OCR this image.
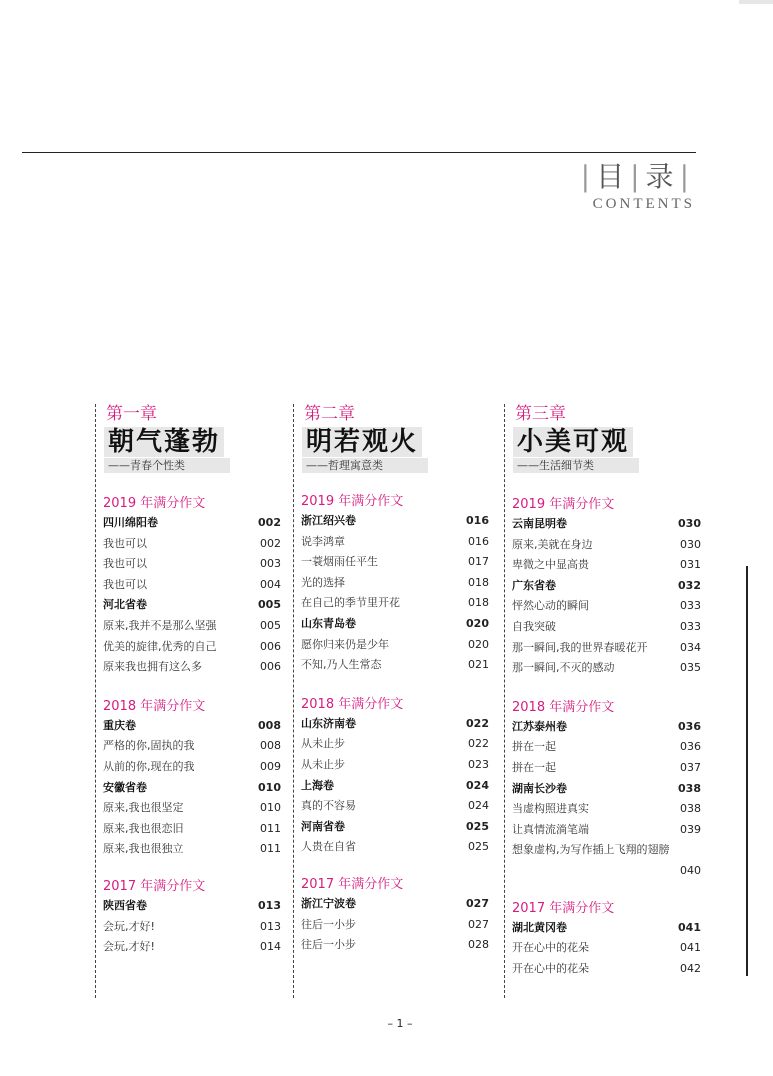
|目|录|
CONTENTS
第一章
朝气蓬勃
——青春个性类
2019 年满分作文
四川绵阳卷	002
我也可以	002
我也可以	003
我也可以	004
河北省卷	005
原来,我并不是那么坚强	005
优美的旋律,优秀的自己	006
原来我也拥有这么多	006
2018 年满分作文
重庆卷	008
严格的你,固执的我	008
从前的你,现在的我	009
安徽省卷	010
原来,我也很坚定	010
原来,我也很恋旧	011
原来,我也很独立	011
2017 年满分作文
陕西省卷	013
会玩,才好!	013
会玩,才好!	014
第二章
明若观火
——哲理寓意类
2019 年满分作文
浙江绍兴卷	016
说李鸿章	016
一蓑烟雨任平生	017
光的选择	018
在自己的季节里开花	018
山东青岛卷	020
愿你归来仍是少年	020
不知,乃人生常态	021
2018 年满分作文
山东济南卷	022
从未止步	022
从未止步	023
上海卷	024
真的不容易	024
河南省卷	025
人贵在自省	025
2017 年满分作文
浙江宁波卷	027
往后一小步	027
往后一小步	028
第三章
小美可观
——生活细节类
2019 年满分作文
云南昆明卷	030
原来,美就在身边	030
卑微之中显高贵	031
广东省卷	032
怦然心动的瞬间	033
自我突破	033
那一瞬间,我的世界春暖花开	034
那一瞬间,不灭的感动	035
2018 年满分作文
江苏泰州卷	036
拼在一起	036
拼在一起	037
湖南长沙卷	038
当虚构照进真实	038
让真情流淌笔端	039
想象虚构,为写作插上飞翔的翅膀
040
2017 年满分作文
湖北黄冈卷	041
开在心中的花朵	041
开在心中的花朵	042
– 1 –
